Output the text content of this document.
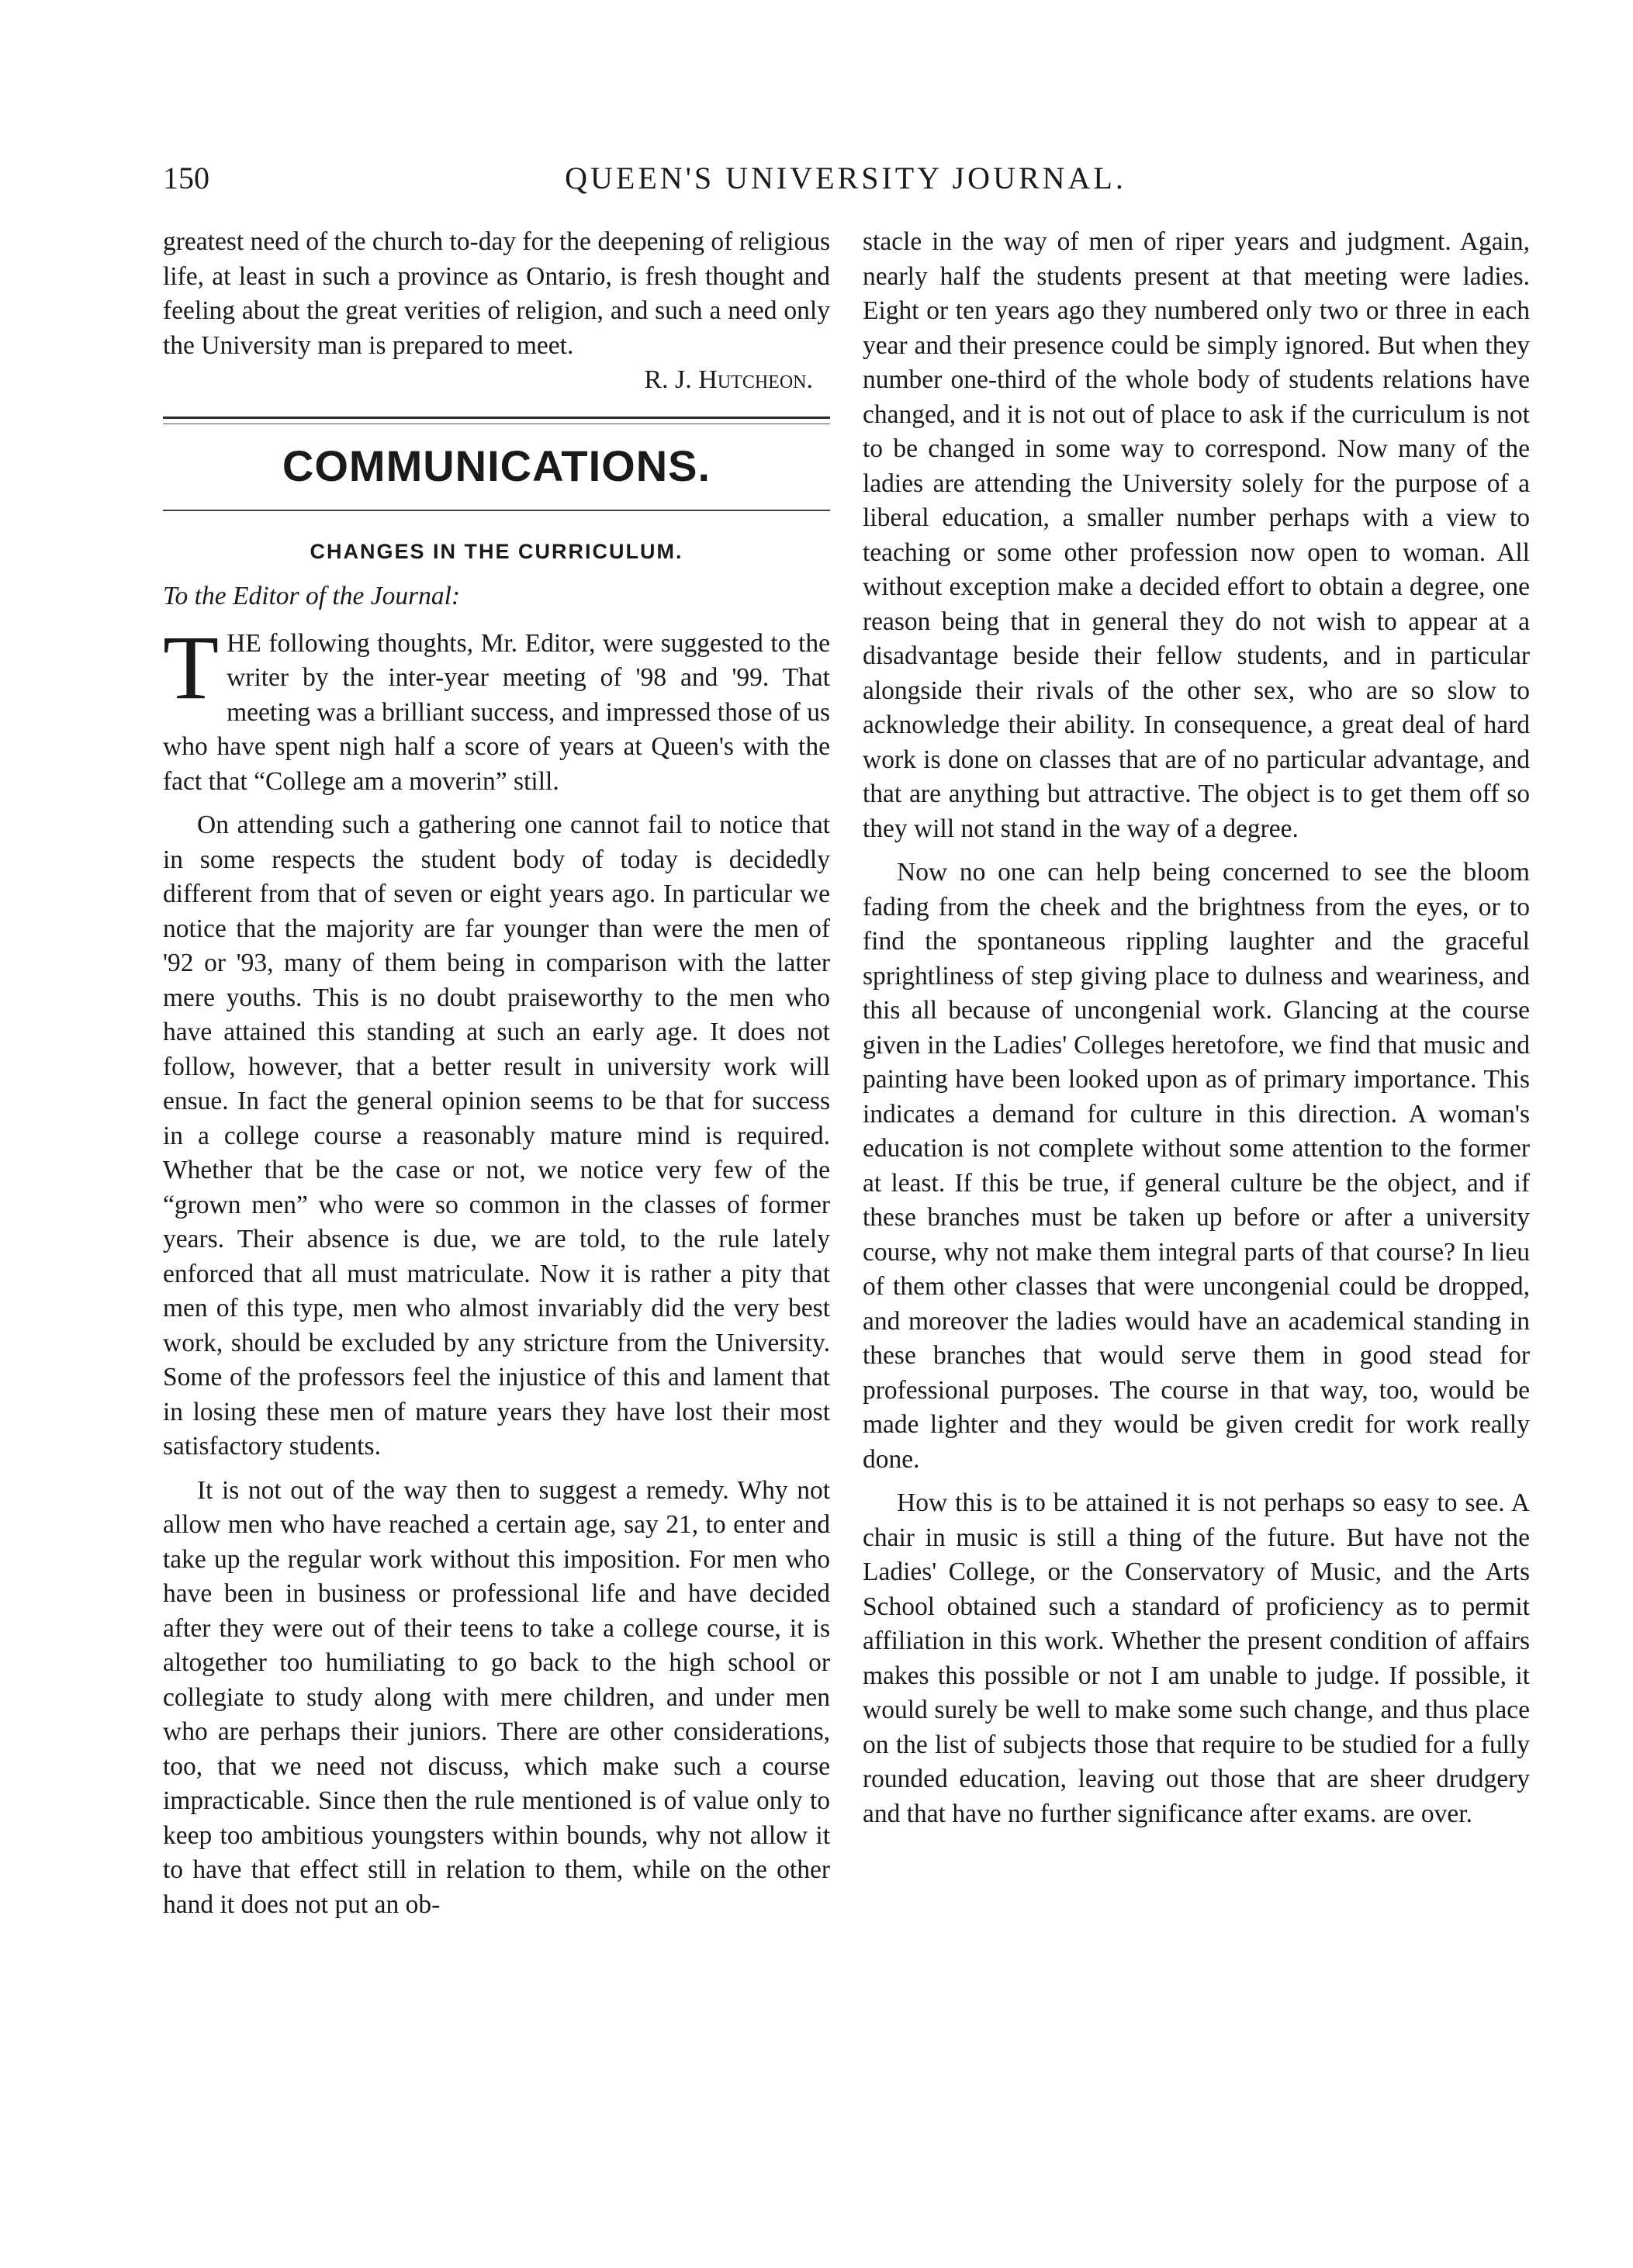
150	QUEEN'S UNIVERSITY JOURNAL.

greatest need of the church to-day for the deepening of religious life, at least in such a province as Ontario, is fresh thought and feeling about the great verities of religion, and such a need only the University man is prepared to meet.

R. J. Hutcheon.

COMMUNICATIONS.

CHANGES IN THE CURRICULUM.

To the Editor of the Journal:

THE following thoughts, Mr. Editor, were suggested to the writer by the inter-year meeting of '98 and '99. That meeting was a brilliant success, and impressed those of us who have spent nigh half a score of years at Queen's with the fact that “College am a moverin” still.

On attending such a gathering one cannot fail to notice that in some respects the student body of today is decidedly different from that of seven or eight years ago. In particular we notice that the majority are far younger than were the men of '92 or '93, many of them being in comparison with the latter mere youths. This is no doubt praiseworthy to the men who have attained this standing at such an early age. It does not follow, however, that a better result in university work will ensue. In fact the general opinion seems to be that for success in a college course a reasonably mature mind is required. Whether that be the case or not, we notice very few of the “grown men” who were so common in the classes of former years. Their absence is due, we are told, to the rule lately enforced that all must matriculate. Now it is rather a pity that men of this type, men who almost invariably did the very best work, should be excluded by any stricture from the University. Some of the professors feel the injustice of this and lament that in losing these men of mature years they have lost their most satisfactory students.

It is not out of the way then to suggest a remedy. Why not allow men who have reached a certain age, say 21, to enter and take up the regular work without this imposition. For men who have been in business or professional life and have decided after they were out of their teens to take a college course, it is altogether too humiliating to go back to the high school or collegiate to study along with mere children, and under men who are perhaps their juniors. There are other considerations, too, that we need not discuss, which make such a course impracticable. Since then the rule mentioned is of value only to keep too ambitious youngsters within bounds, why not allow it to have that effect still in relation to them, while on the other hand it does not put an ob-

stacle in the way of men of riper years and judgment. Again, nearly half the students present at that meeting were ladies. Eight or ten years ago they numbered only two or three in each year and their presence could be simply ignored. But when they number one-third of the whole body of students relations have changed, and it is not out of place to ask if the curriculum is not to be changed in some way to correspond. Now many of the ladies are attending the University solely for the purpose of a liberal education, a smaller number perhaps with a view to teaching or some other profession now open to woman. All without exception make a decided effort to obtain a degree, one reason being that in general they do not wish to appear at a disadvantage beside their fellow students, and in particular alongside their rivals of the other sex, who are so slow to acknowledge their ability. In consequence, a great deal of hard work is done on classes that are of no particular advantage, and that are anything but attractive. The object is to get them off so they will not stand in the way of a degree.

Now no one can help being concerned to see the bloom fading from the cheek and the brightness from the eyes, or to find the spontaneous rippling laughter and the graceful sprightliness of step giving place to dulness and weariness, and this all because of uncongenial work. Glancing at the course given in the Ladies' Colleges heretofore, we find that music and painting have been looked upon as of primary importance. This indicates a demand for culture in this direction. A woman's education is not complete without some attention to the former at least. If this be true, if general culture be the object, and if these branches must be taken up before or after a university course, why not make them integral parts of that course? In lieu of them other classes that were uncongenial could be dropped, and moreover the ladies would have an academical standing in these branches that would serve them in good stead for professional purposes. The course in that way, too, would be made lighter and they would be given credit for work really done.

How this is to be attained it is not perhaps so easy to see. A chair in music is still a thing of the future. But have not the Ladies' College, or the Conservatory of Music, and the Arts School obtained such a standard of proficiency as to permit affiliation in this work. Whether the present condition of affairs makes this possible or not I am unable to judge. If possible, it would surely be well to make some such change, and thus place on the list of subjects those that require to be studied for a fully rounded education, leaving out those that are sheer drudgery and that have no further significance after exams. are over.
